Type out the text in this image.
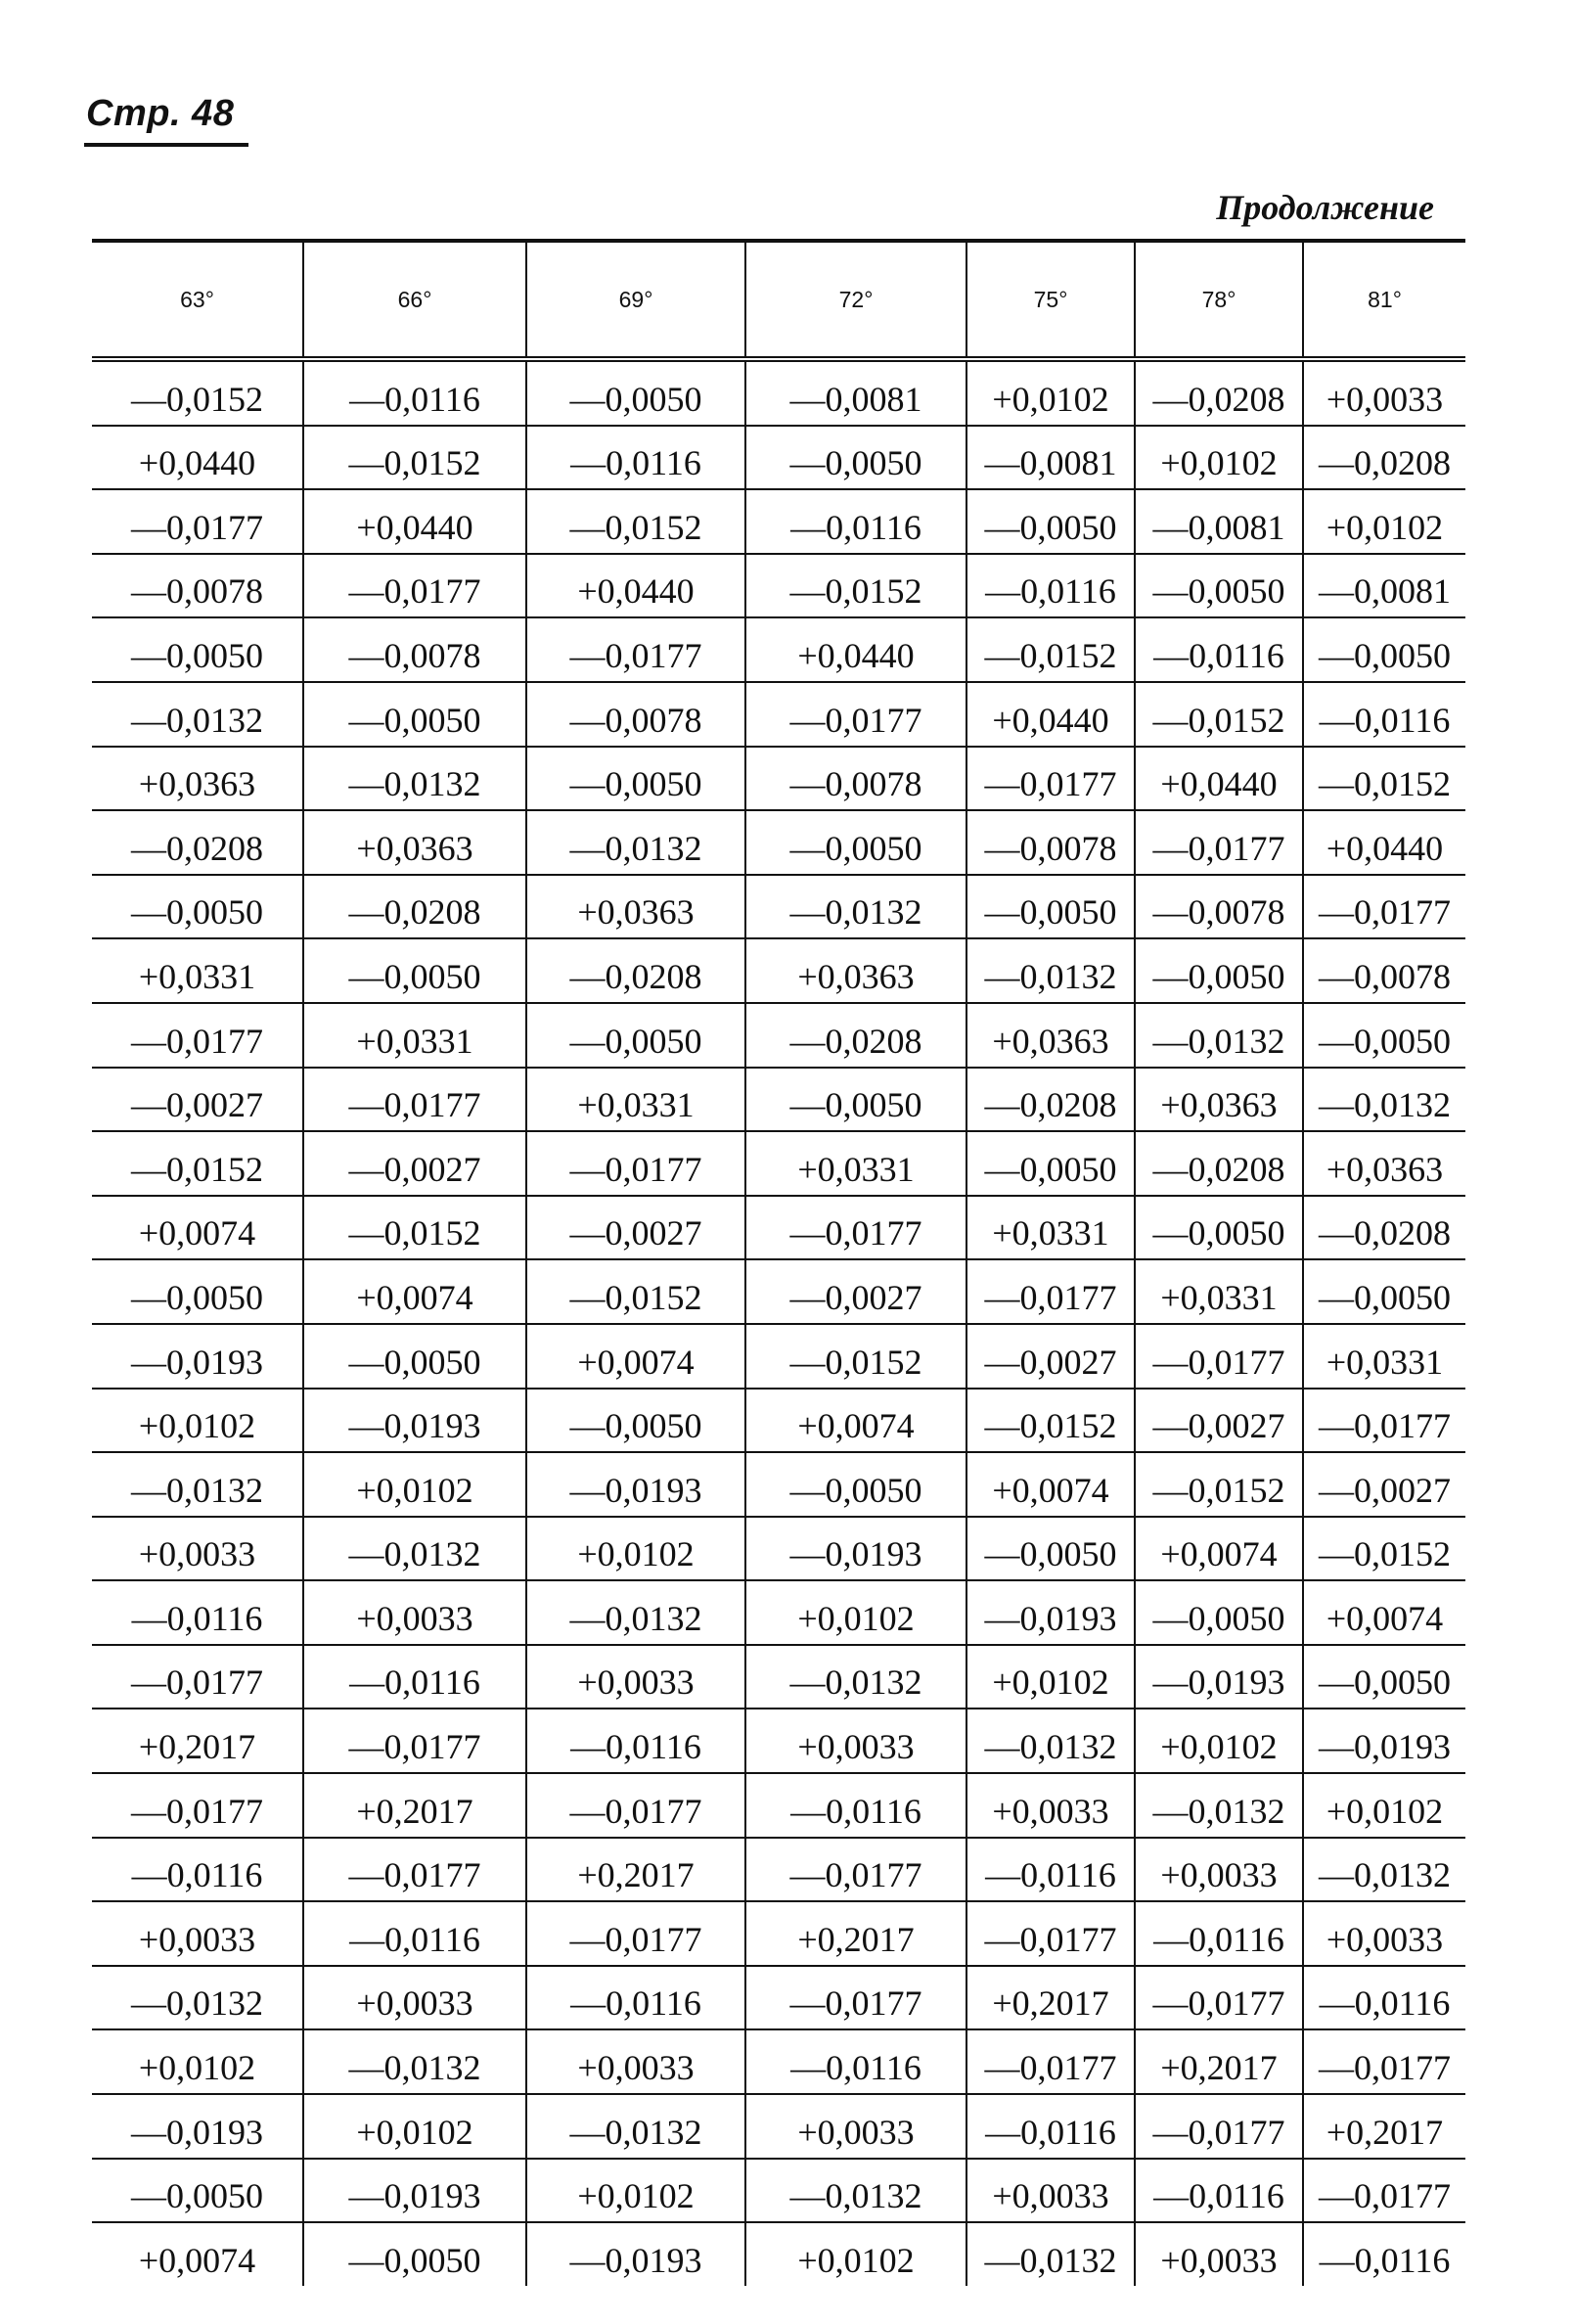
Стр. 48
Продолжение
63°	66°	69°	72°	75°	78°	81°
—0,0152	—0,0116	—0,0050	—0,0081	+0,0102	—0,0208	+0,0033
+0,0440	—0,0152	—0,0116	—0,0050	—0,0081	+0,0102	—0,0208
—0,0177	+0,0440	—0,0152	—0,0116	—0,0050	—0,0081	+0,0102
—0,0078	—0,0177	+0,0440	—0,0152	—0,0116	—0,0050	—0,0081
—0,0050	—0,0078	—0,0177	+0,0440	—0,0152	—0,0116	—0,0050
—0,0132	—0,0050	—0,0078	—0,0177	+0,0440	—0,0152	—0,0116
+0,0363	—0,0132	—0,0050	—0,0078	—0,0177	+0,0440	—0,0152
—0,0208	+0,0363	—0,0132	—0,0050	—0,0078	—0,0177	+0,0440
—0,0050	—0,0208	+0,0363	—0,0132	—0,0050	—0,0078	—0,0177
+0,0331	—0,0050	—0,0208	+0,0363	—0,0132	—0,0050	—0,0078
—0,0177	+0,0331	—0,0050	—0,0208	+0,0363	—0,0132	—0,0050
—0,0027	—0,0177	+0,0331	—0,0050	—0,0208	+0,0363	—0,0132
—0,0152	—0,0027	—0,0177	+0,0331	—0,0050	—0,0208	+0,0363
+0,0074	—0,0152	—0,0027	—0,0177	+0,0331	—0,0050	—0,0208
—0,0050	+0,0074	—0,0152	—0,0027	—0,0177	+0,0331	—0,0050
—0,0193	—0,0050	+0,0074	—0,0152	—0,0027	—0,0177	+0,0331
+0,0102	—0,0193	—0,0050	+0,0074	—0,0152	—0,0027	—0,0177
—0,0132	+0,0102	—0,0193	—0,0050	+0,0074	—0,0152	—0,0027
+0,0033	—0,0132	+0,0102	—0,0193	—0,0050	+0,0074	—0,0152
—0,0116	+0,0033	—0,0132	+0,0102	—0,0193	—0,0050	+0,0074
—0,0177	—0,0116	+0,0033	—0,0132	+0,0102	—0,0193	—0,0050
+0,2017	—0,0177	—0,0116	+0,0033	—0,0132	+0,0102	—0,0193
—0,0177	+0,2017	—0,0177	—0,0116	+0,0033	—0,0132	+0,0102
—0,0116	—0,0177	+0,2017	—0,0177	—0,0116	+0,0033	—0,0132
+0,0033	—0,0116	—0,0177	+0,2017	—0,0177	—0,0116	+0,0033
—0,0132	+0,0033	—0,0116	—0,0177	+0,2017	—0,0177	—0,0116
+0,0102	—0,0132	+0,0033	—0,0116	—0,0177	+0,2017	—0,0177
—0,0193	+0,0102	—0,0132	+0,0033	—0,0116	—0,0177	+0,2017
—0,0050	—0,0193	+0,0102	—0,0132	+0,0033	—0,0116	—0,0177
+0,0074	—0,0050	—0,0193	+0,0102	—0,0132	+0,0033	—0,0116
